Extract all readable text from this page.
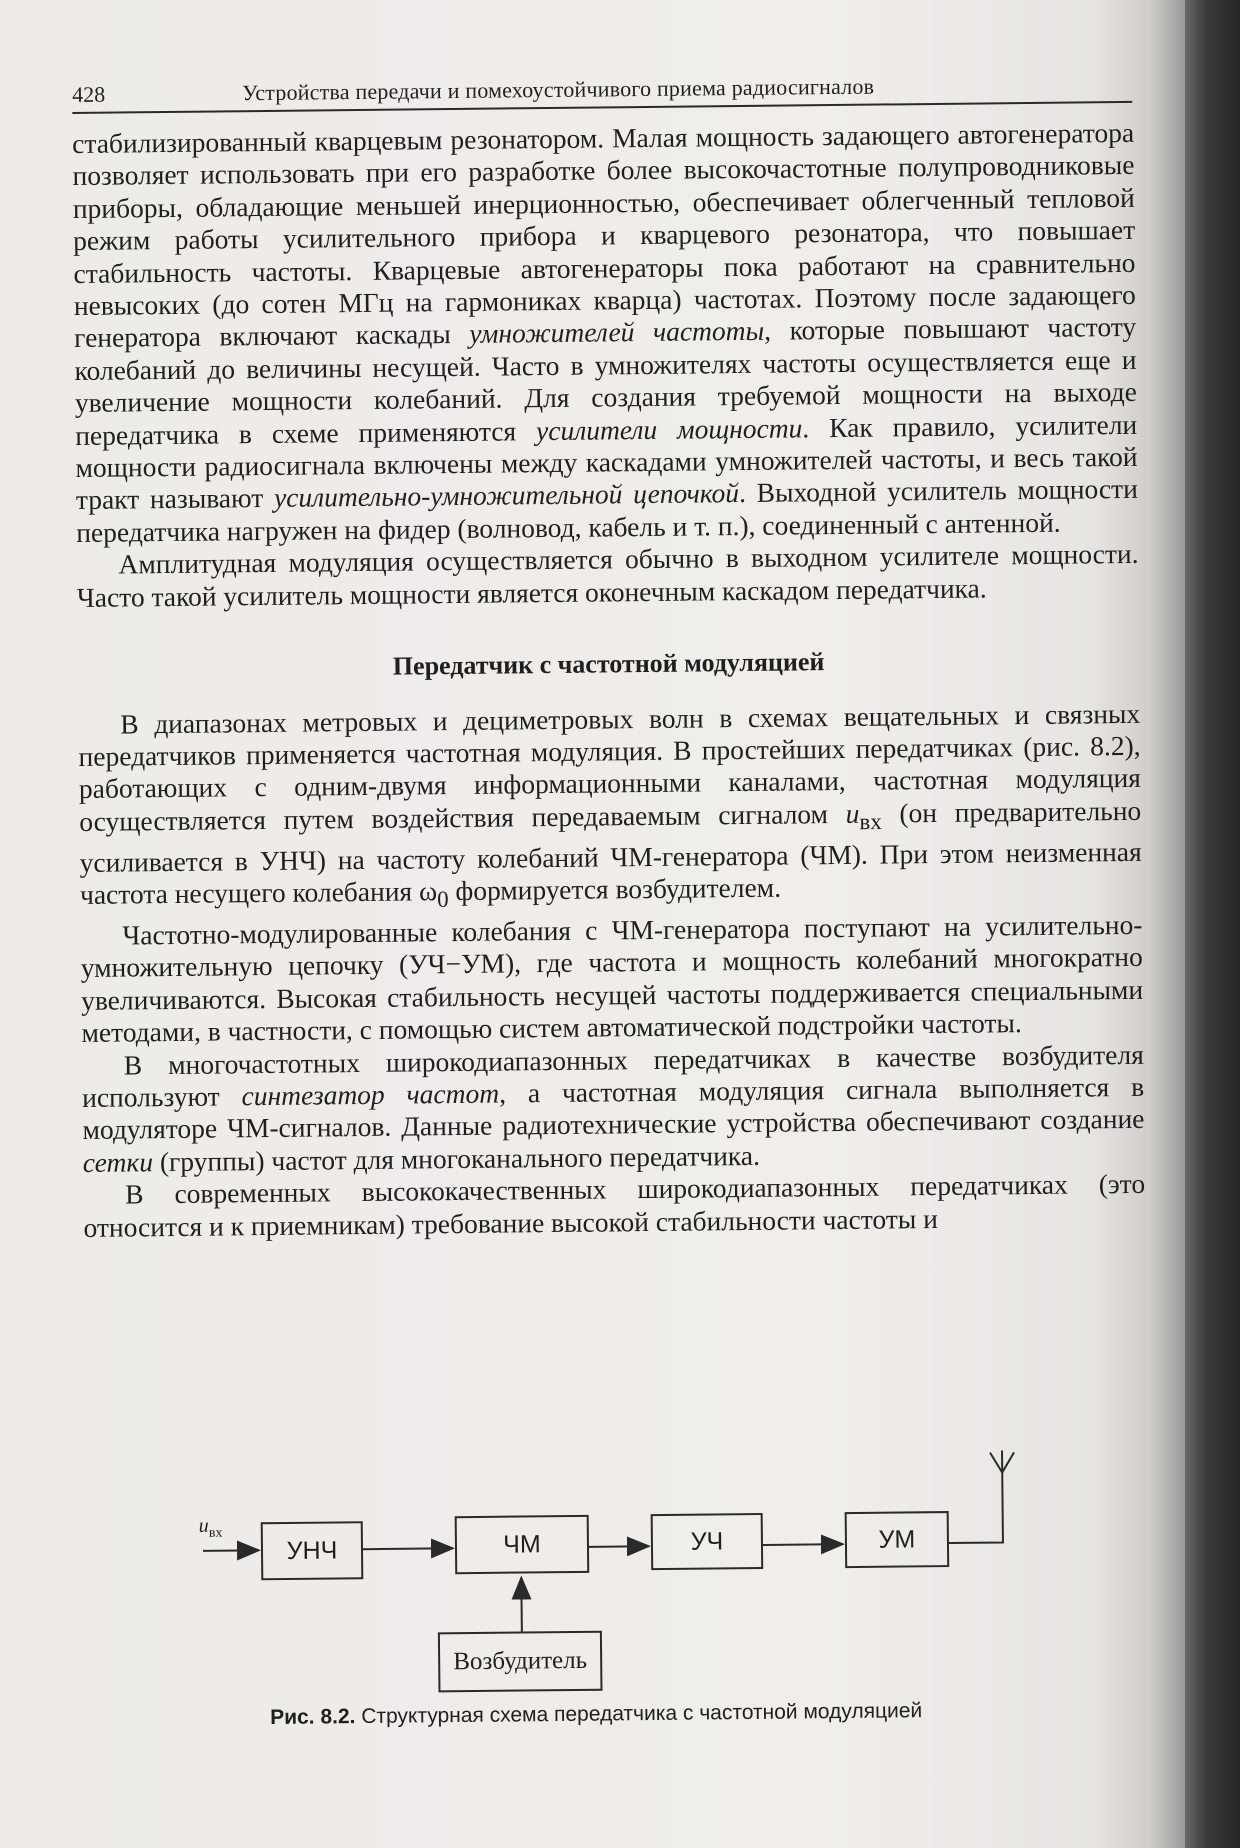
428	Устройства передачи и помехоустойчивого приема радиосигналов

стабилизированный кварцевым резонатором. Малая мощность задающего автогенератора позволяет использовать при его разработке более высокочастотные полупроводниковые приборы, обладающие меньшей инерционностью, обеспечивает облегченный тепловой режим работы усилительного прибора и кварцевого резонатора, что повышает стабильность частоты. Кварцевые автогенераторы пока работают на сравнительно невысоких (до сотен МГц на гармониках кварца) частотах. Поэтому после задающего генератора включают каскады умножителей частоты, которые повышают частоту колебаний до величины несущей. Часто в умножителях частоты осуществляется еще и увеличение мощности колебаний. Для создания требуемой мощности на выходе передатчика в схеме применяются усилители мощности. Как правило, усилители мощности радиосигнала включены между каскадами умножителей частоты, и весь такой тракт называют усилительно-умножительной цепочкой. Выходной усилитель мощности передатчика нагружен на фидер (волновод, кабель и т. п.), соединенный с антенной.

Амплитудная модуляция осуществляется обычно в выходном усилителе мощности. Часто такой усилитель мощности является оконечным каскадом передатчика.

Передатчик с частотной модуляцией

В диапазонах метровых и дециметровых волн в схемах вещательных и связных передатчиков применяется частотная модуляция. В простейших передатчиках (рис. 8.2), работающих с одним-двумя информационными каналами, частотная модуляция осуществляется путем воздействия передаваемым сигналом $u_{вх}$ (он предварительно усиливается в УНЧ) на частоту колебаний ЧМ-генератора (ЧМ). При этом неизменная частота несущего колебания $\omega_0$ формируется возбудителем.

Частотно-модулированные колебания с ЧМ-генератора поступают на усилительно-умножительную цепочку (УЧ−УМ), где частота и мощность колебаний многократно увеличиваются. Высокая стабильность несущей частоты поддерживается специальными методами, в частности, с помощью систем автоматической подстройки частоты.

В многочастотных широкодиапазонных передатчиках в качестве возбудителя используют синтезатор частот, а частотная модуляция сигнала выполняется в модуляторе ЧМ-сигналов. Данные радиотехнические устройства обеспечивают создание сетки (группы) частот для многоканального передатчика.

В современных высококачественных широкодиапазонных передатчиках (это относится и к приемникам) требование высокой стабильности частоты и

$u_{вх}$
УНЧ	ЧМ	УЧ	УМ
Возбудитель
Рис. 8.2. Структурная схема передатчика с частотной модуляцией
